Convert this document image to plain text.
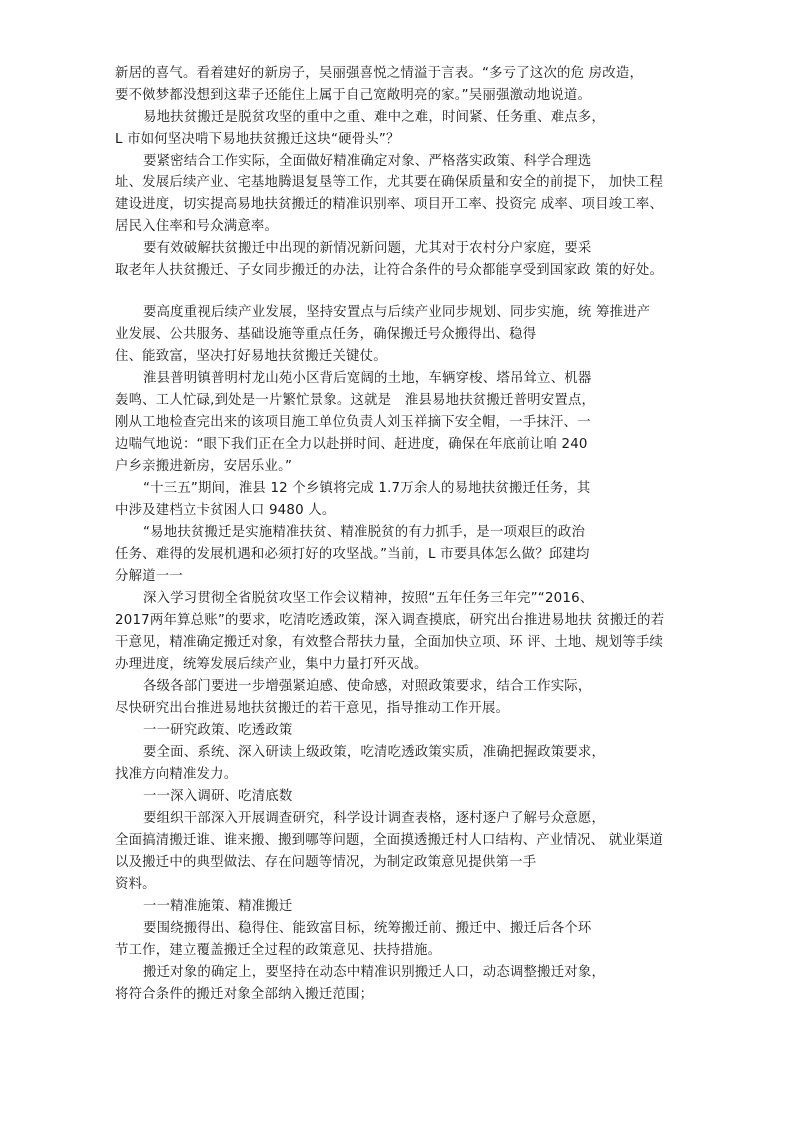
新居的喜气。看着建好的新房子，吴丽强喜悦之情溢于言表。“多亏了这次的危 房改造，
要不傚梦都没想到这辈子还能住上属于自己宽敞明亮的家。”吴丽强激动地说道。
易地扶贫搬迁是脱贫攻坚的重中之重、难中之难，时间紧、任务重、难点多，
L 市如何坚决啃下易地扶贫搬迁这块“硬骨头”？
要紧密结合工作实际，全面做好精准确定对象、严格落实政策、科学合理选
址、发展后续产业、宅基地腾退复垦等工作，尤其要在确保质量和安全的前提下， 加快工程
建设进度，切实提高易地扶贫搬迁的精准识别率、项目开工率、投资完 成率、项目竣工率、
居民入住率和号众满意率。
要有效破解扶贫搬迁中出现的新情况新问题，尤其对于农村分户家庭，要采
取老年人扶贫搬迁、子女同步搬迁的办法，让符合条件的号众都能享受到国家政 策的好处。
要高度重视后续产业发展，坚持安置点与后续产业同步规划、同步实施，统 筹推进产
业发展、公共服务、基础设施等重点任务，确保搬迁号众搬得出、稳得
住、能致富，坚决打好易地扶贫搬迁关键仗。
淮县普明镇普明村龙山苑小区背后宽阔的土地，车辆穿梭、塔吊耸立、机器
轰鸣、工人忙碌,到处是一片繁忙景象。这就是　淮县易地扶贫搬迁普明安置点，
刚从工地检查完出来的该项目施工单位负责人刘玉祥摘下安全帽，一手抹汗、一
边喘气地说：“眼下我们正在全力以赴拼时间、赶进度，确保在年底前让咱 240
户乡亲搬进新房，安居乐业。”
“十三五”期间，淮县 12 个乡镇将完成 1.7万余人的易地扶贫搬迁任务，其
中涉及建档立卡贫困人口 9480 人。
“易地扶贫搬迁是实施精准扶贫、精准脱贫的有力抓手，是一项艰巨的政治
任务、难得的发展机遇和必须打好的攻坚战。”当前，L 市要具体怎么做？邱建均
分解道一一
深入学习贯彻全省脱贫攻坚工作会议精神，按照“五年任务三年完”“2016、
2017两年算总账”的要求，吃清吃透政策，深入调查摸底，研究出台推进易地扶 贫搬迁的若
干意见，精准确定搬迁对象，有效整合帮扶力量，全面加快立项、环 评、土地、规划等手续
办理进度，统筹发展后续产业，集中力量打歼灭战。
各级各部门要进一步增强紧迫感、使命感，对照政策要求，结合工作实际，
尽快研究出台推进易地扶贫搬迁的若干意见，指导推动工作开展。
一一研究政策、吃透政策
要全面、系统、深入研读上级政策，吃清吃透政策实质，准确把握政策要求，
找准方向精准发力。
一一深入调研、吃清底数
要组织干部深入开展调查研究，科学设计调查表格，逐村逐户了解号众意愿，
全面搞清搬迁谁、谁来搬、搬到哪等问题，全面摸透搬迁村人口结构、产业情况、 就业渠道
以及搬迁中的典型做法、存在问题等情况，为制定政策意见提供第一手
资料。
一一精准施策、精准搬迁
要围绕搬得出、稳得住、能致富目标，统筹搬迁前、搬迁中、搬迁后各个环
节工作，建立覆盖搬迁全过程的政策意见、扶持措施。
搬迁对象的确定上，要坚持在动态中精准识别搬迁人口，动态调整搬迁对象，
将符合条件的搬迁对象全部纳入搬迁范围；
